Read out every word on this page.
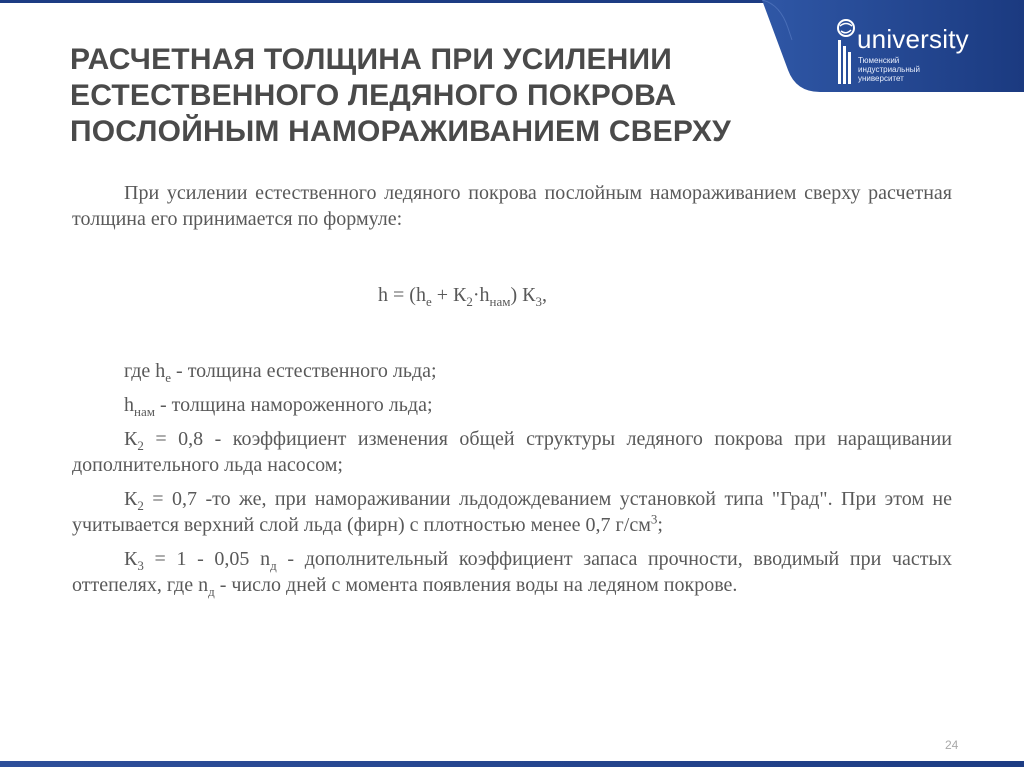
university
Тюменский
индустриальный
университет
РАСЧЕТНАЯ ТОЛЩИНА ПРИ УСИЛЕНИИ
ЕСТЕСТВЕННОГО ЛЕДЯНОГО ПОКРОВА
ПОСЛОЙНЫМ НАМОРАЖИВАНИЕМ СВЕРХУ

При усилении естественного ледяного покрова послойным намораживанием сверху расчетная толщина его принимается по формуле:

$h = (h_е + К_2\cdot h_{нам})$ $К_3$,

где $h_е$ - толщина естественного льда;

$h_{нам}$ - толщина намороженного льда;

$К_2 = 0,8$ - коэффициент изменения общей структуры ледяного покрова при наращивании дополнительного льда насосом;

$К_2 = 0,7$ -то же, при намораживании льдодождеванием установкой типа "Град". При этом не учитывается верхний слой льда (фирн) с плотностью менее 0,7 $г/см^3$;

$К_3 = 1 - 0,05$ $n_д$ - дополнительный коэффициент запаса прочности, вводимый при частых оттепелях, где $n_д$ - число дней с момента появления воды на ледяном покрове.

24
